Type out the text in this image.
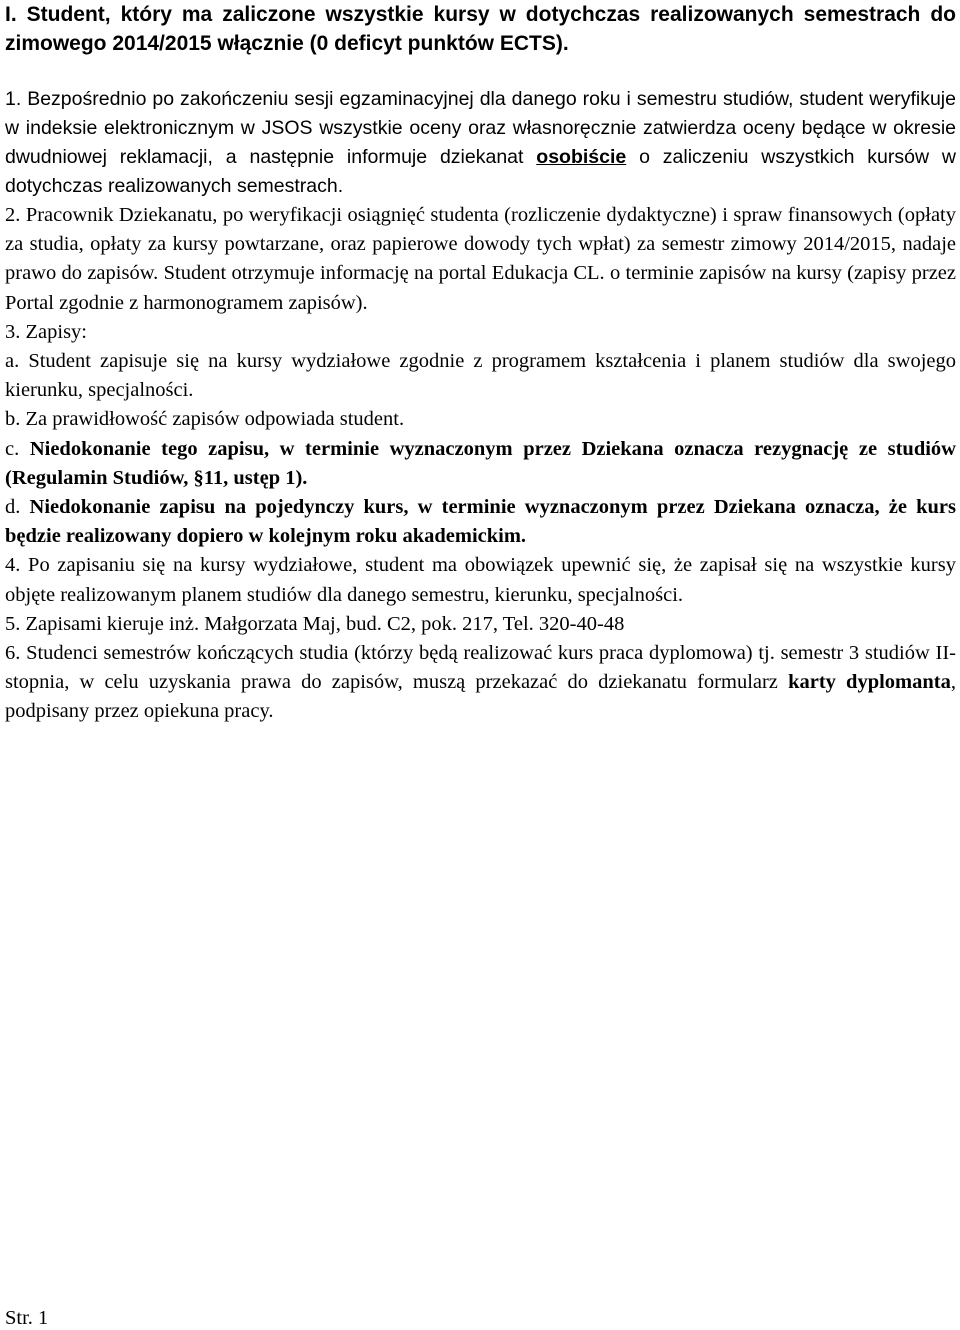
I. Student, który ma zaliczone wszystkie kursy w dotychczas realizowanych semestrach do zimowego 2014/2015 włącznie (0 deficyt punktów ECTS).

1. Bezpośrednio po zakończeniu sesji egzaminacyjnej dla danego roku i semestru studiów, student weryfikuje w indeksie elektronicznym w JSOS wszystkie oceny oraz własnoręcznie zatwierdza oceny będące w okresie dwudniowej reklamacji, a następnie informuje dziekanat osobiście o zaliczeniu wszystkich kursów w dotychczas realizowanych semestrach.

2. Pracownik Dziekanatu, po weryfikacji osiągnięć studenta (rozliczenie dydaktyczne) i spraw finansowych (opłaty za studia, opłaty za kursy powtarzane, oraz papierowe dowody tych wpłat) za semestr zimowy 2014/2015, nadaje prawo do zapisów. Student otrzymuje informację na portal Edukacja CL. o terminie zapisów na kursy (zapisy przez Portal zgodnie z harmonogramem zapisów).

3. Zapisy:

a. Student zapisuje się na kursy wydziałowe zgodnie z programem kształcenia i planem studiów dla swojego kierunku, specjalności.

b. Za prawidłowość zapisów odpowiada student.

c. Niedokonanie tego zapisu, w terminie wyznaczonym przez Dziekana oznacza rezygnację ze studiów (Regulamin Studiów, §11, ustęp 1).

d. Niedokonanie zapisu na pojedynczy kurs, w terminie wyznaczonym przez Dziekana oznacza, że kurs będzie realizowany dopiero w kolejnym roku akademickim.

4. Po zapisaniu się na kursy wydziałowe, student ma obowiązek upewnić się, że zapisał się na wszystkie kursy objęte realizowanym planem studiów dla danego semestru, kierunku, specjalności.

5. Zapisami kieruje inż. Małgorzata Maj, bud. C2, pok. 217, Tel. 320-40-48

6. Studenci semestrów kończących studia (którzy będą realizować kurs praca dyplomowa) tj. semestr 3 studiów II-stopnia, w celu uzyskania prawa do zapisów, muszą przekazać do dziekanatu formularz karty dyplomanta, podpisany przez opiekuna pracy.

Str. 1
